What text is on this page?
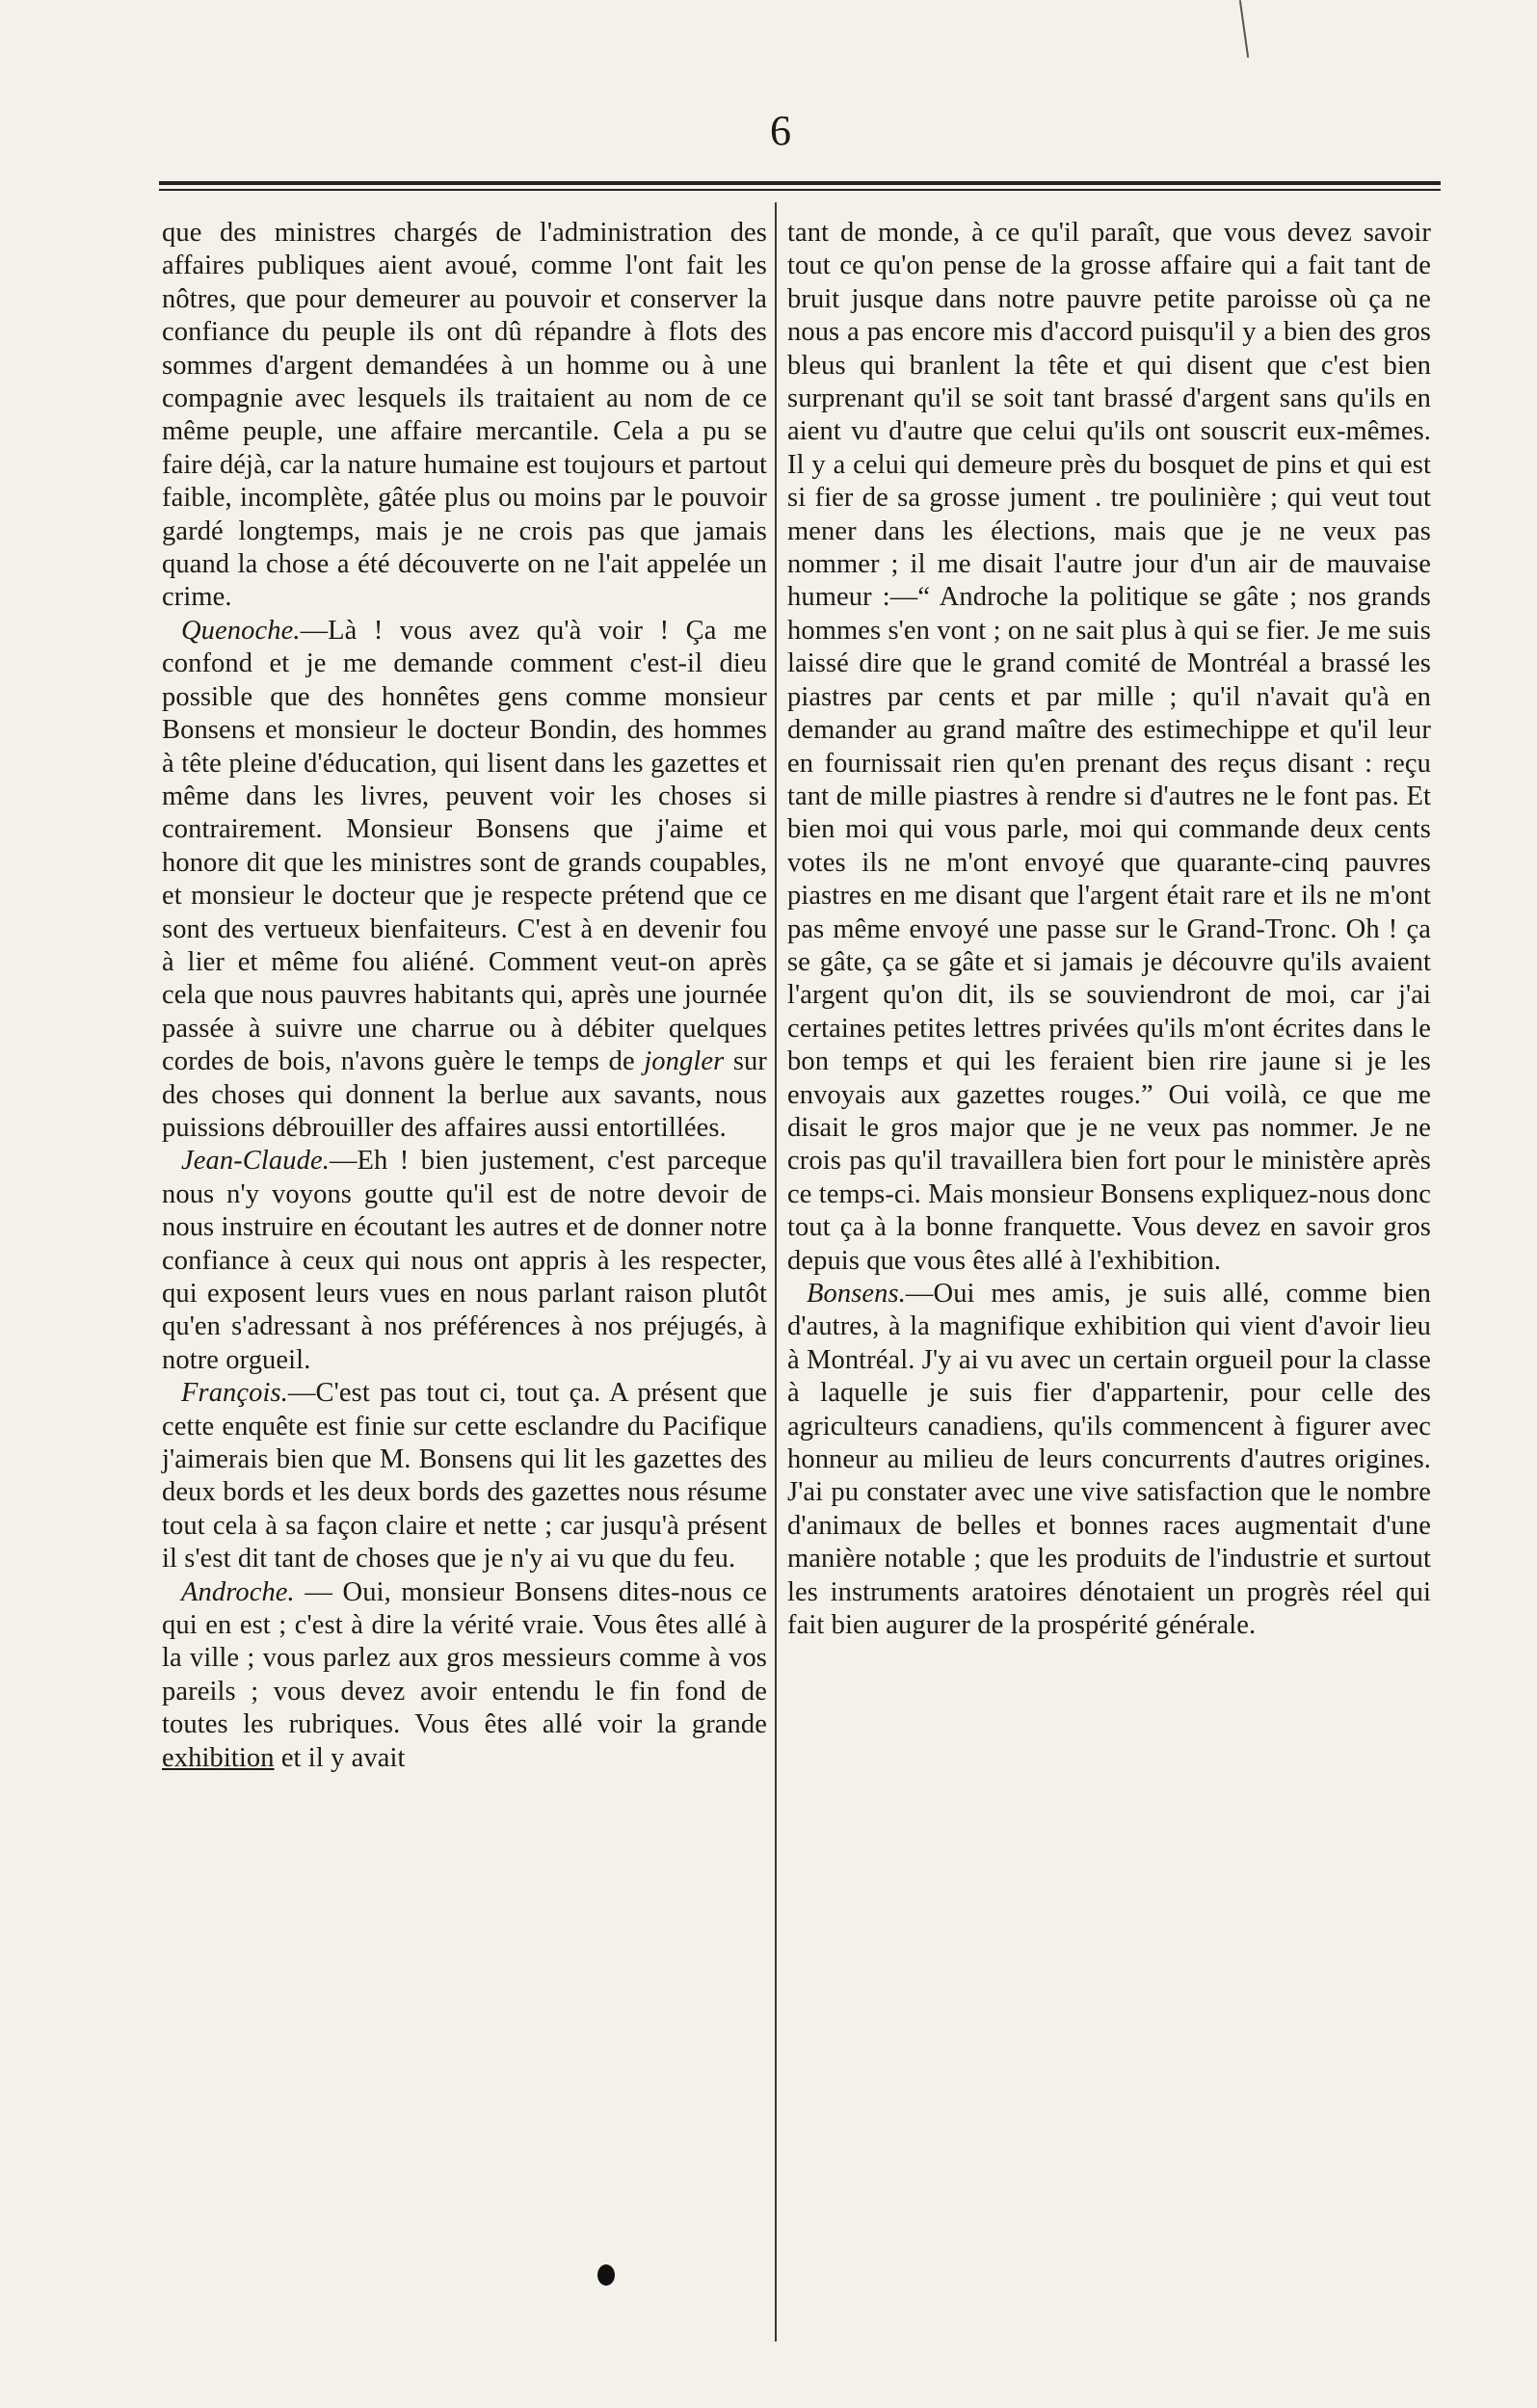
6

que des ministres chargés de l'administration des affaires publiques aient avoué, comme l'ont fait les nôtres, que pour demeurer au pouvoir et conserver la confiance du peuple ils ont dû répandre à flots des sommes d'argent demandées à un homme ou à une compagnie avec lesquels ils traitaient au nom de ce même peuple, une affaire mercantile. Cela a pu se faire déjà, car la nature humaine est toujours et partout faible, incomplète, gâtée plus ou moins par le pouvoir gardé longtemps, mais je ne crois pas que jamais quand la chose a été découverte on ne l'ait appelée un crime.

Quenoche.—Là ! vous avez qu'à voir ! Ça me confond et je me demande comment c'est-il dieu possible que des honnêtes gens comme monsieur Bonsens et monsieur le docteur Bondin, des hommes à tête pleine d'éducation, qui lisent dans les gazettes et même dans les livres, peuvent voir les choses si contrairement. Monsieur Bonsens que j'aime et honore dit que les ministres sont de grands coupables, et monsieur le docteur que je respecte prétend que ce sont des vertueux bienfaiteurs. C'est à en devenir fou à lier et même fou aliéné. Comment veut-on après cela que nous pauvres habitants qui, après une journée passée à suivre une charrue ou à débiter quelques cordes de bois, n'avons guère le temps de jongler sur des choses qui donnent la berlue aux savants, nous puissions débrouiller des affaires aussi entortillées.

Jean-Claude.—Eh ! bien justement, c'est parceque nous n'y voyons goutte qu'il est de notre devoir de nous instruire en écoutant les autres et de donner notre confiance à ceux qui nous ont appris à les respecter, qui exposent leurs vues en nous parlant raison plutôt qu'en s'adressant à nos préférences à nos préjugés, à notre orgueil.

François.—C'est pas tout ci, tout ça. A présent que cette enquête est finie sur cette esclandre du Pacifique j'aimerais bien que M. Bonsens qui lit les gazettes des deux bords et les deux bords des gazettes nous résume tout cela à sa façon claire et nette ; car jusqu'à présent il s'est dit tant de choses que je n'y ai vu que du feu.

Androche. — Oui, monsieur Bonsens dites-nous ce qui en est ; c'est à dire la vérité vraie. Vous êtes allé à la ville ; vous parlez aux gros messieurs comme à vos pareils ; vous devez avoir entendu le fin fond de toutes les rubriques. Vous êtes allé voir la grande exhibition et il y avait

tant de monde, à ce qu'il paraît, que vous devez savoir tout ce qu'on pense de la grosse affaire qui a fait tant de bruit jusque dans notre pauvre petite paroisse où ça ne nous a pas encore mis d'accord puisqu'il y a bien des gros bleus qui branlent la tête et qui disent que c'est bien surprenant qu'il se soit tant brassé d'argent sans qu'ils en aient vu d'autre que celui qu'ils ont souscrit eux-mêmes. Il y a celui qui demeure près du bosquet de pins et qui est si fier de sa grosse jument . tre poulinière ; qui veut tout mener dans les élections, mais que je ne veux pas nommer ; il me disait l'autre jour d'un air de mauvaise humeur :—“ Androche la politique se gâte ; nos grands hommes s'en vont ; on ne sait plus à qui se fier. Je me suis laissé dire que le grand comité de Montréal a brassé les piastres par cents et par mille ; qu'il n'avait qu'à en demander au grand maître des estimechippe et qu'il leur en fournissait rien qu'en prenant des reçus disant : reçu tant de mille piastres à rendre si d'autres ne le font pas. Et bien moi qui vous parle, moi qui commande deux cents votes ils ne m'ont envoyé que quarante-cinq pauvres piastres en me disant que l'argent était rare et ils ne m'ont pas même envoyé une passe sur le Grand-Tronc. Oh ! ça se gâte, ça se gâte et si jamais je découvre qu'ils avaient l'argent qu'on dit, ils se souviendront de moi, car j'ai certaines petites lettres privées qu'ils m'ont écrites dans le bon temps et qui les feraient bien rire jaune si je les envoyais aux gazettes rouges.” Oui voilà, ce que me disait le gros major que je ne veux pas nommer. Je ne crois pas qu'il travaillera bien fort pour le ministère après ce temps-ci. Mais monsieur Bonsens expliquez-nous donc tout ça à la bonne franquette. Vous devez en savoir gros depuis que vous êtes allé à l'exhibition.

Bonsens.—Oui mes amis, je suis allé, comme bien d'autres, à la magnifique exhibition qui vient d'avoir lieu à Montréal. J'y ai vu avec un certain orgueil pour la classe à laquelle je suis fier d'appartenir, pour celle des agriculteurs canadiens, qu'ils commencent à figurer avec honneur au milieu de leurs concurrents d'autres origines. J'ai pu constater avec une vive satisfaction que le nombre d'animaux de belles et bonnes races augmentait d'une manière notable ; que les produits de l'industrie et surtout les instruments aratoires dénotaient un progrès réel qui fait bien augurer de la prospérité générale.
